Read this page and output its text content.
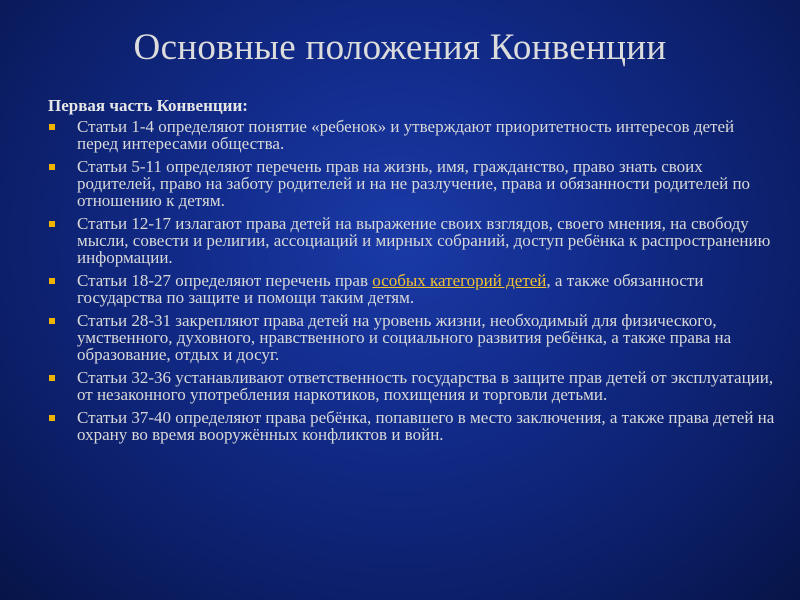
Основные положения Конвенции
Первая часть Конвенции:
Статьи 1-4 определяют понятие «ребенок» и утверждают приоритетность интересов детей перед интересами общества.
Статьи 5-11 определяют перечень прав на жизнь, имя, гражданство, право знать своих родителей, право на заботу родителей и на не разлучение, права и обязанности родителей по отношению к детям.
Статьи 12-17 излагают права детей на выражение своих взглядов, своего мнения, на свободу мысли, совести и религии, ассоциаций и мирных собраний, доступ ребёнка к распространению информации.
Статьи 18-27 определяют перечень прав особых категорий детей, а также обязанности государства по защите и помощи таким детям.
Статьи 28-31 закрепляют права детей на уровень жизни, необходимый для физического, умственного, духовного, нравственного и социального развития ребёнка, а также права на образование, отдых и досуг.
Статьи 32-36 устанавливают ответственность государства в защите прав детей от эксплуатации, от незаконного употребления наркотиков, похищения и торговли детьми.
Статьи 37-40 определяют права ребёнка, попавшего в место заключения, а также права детей на охрану во время вооружённых конфликтов и войн.
